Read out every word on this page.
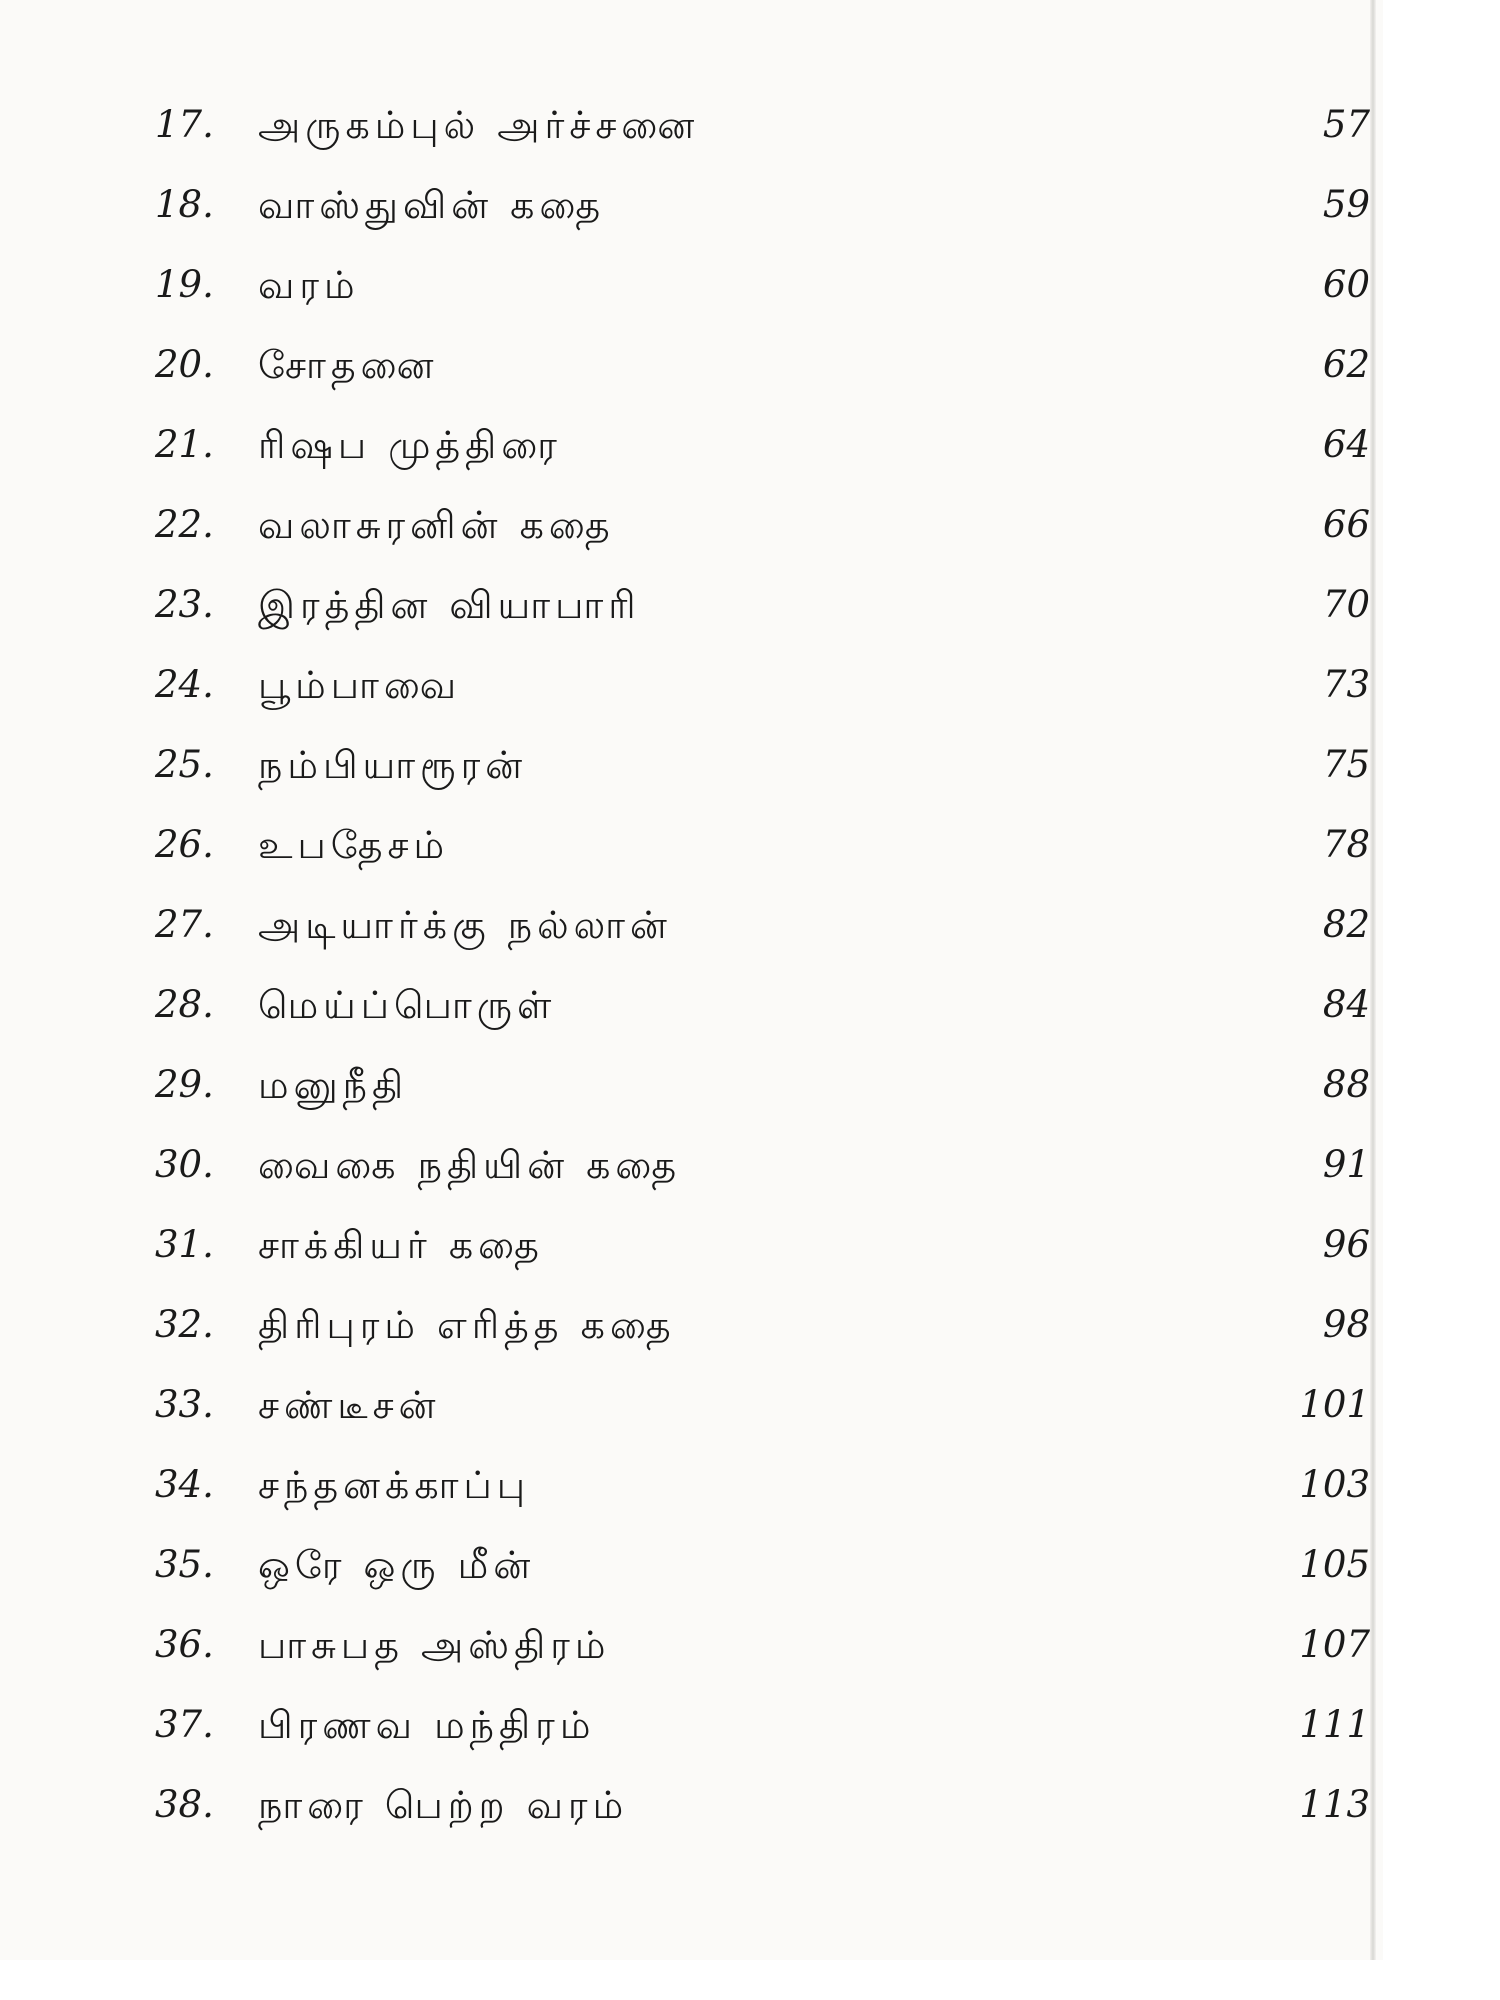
17. அருகம்புல் அர்ச்சனை	57
18. வாஸ்துவின் கதை	59
19. வரம்	60
20. சோதனை	62
21. ரிஷப முத்திரை	64
22. வலாசுரனின் கதை	66
23. இரத்தின வியாபாரி	70
24. பூம்பாவை	73
25. நம்பியாரூரன்	75
26. உபதேசம்	78
27. அடியார்க்கு நல்லான்	82
28. மெய்ப்பொருள்	84
29. மனுநீதி	88
30. வைகை நதியின் கதை	91
31. சாக்கியர் கதை	96
32. திரிபுரம் எரித்த கதை	98
33. சண்டீசன்	101
34. சந்தனக்காப்பு	103
35. ஒரே ஒரு மீன்	105
36. பாசுபத அஸ்திரம்	107
37. பிரணவ மந்திரம்	111
38. நாரை பெற்ற வரம்	113
